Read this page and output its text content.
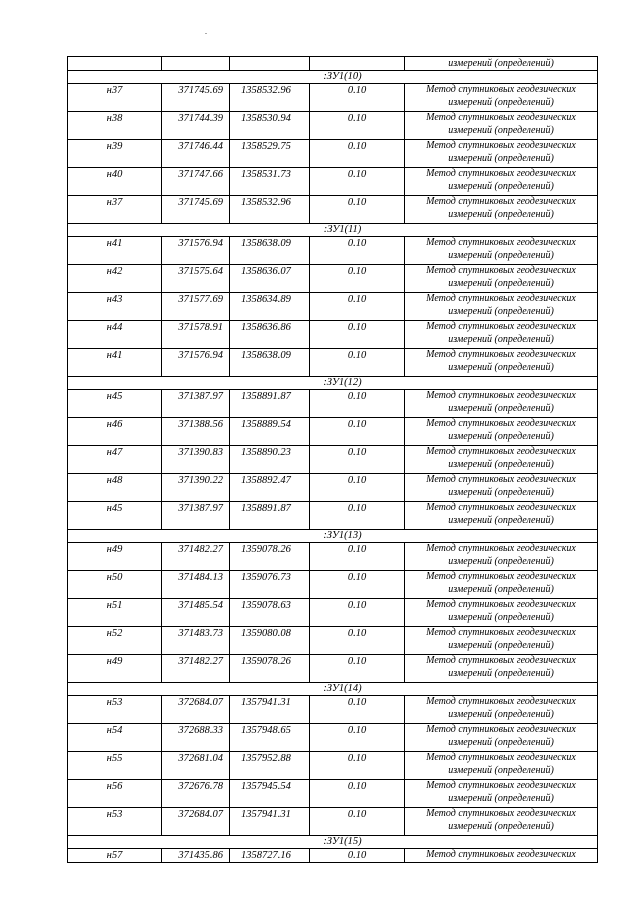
				измерений (определений)
:ЗУ1(10)				
н37	371745.69	1358532.96	0.10	Метод спутниковых геодезических
измерений (определений)

н38	371744.39	1358530.94	0.10	Метод спутниковых геодезических
измерений (определений)

н39	371746.44	1358529.75	0.10	Метод спутниковых геодезических
измерений (определений)

н40	371747.66	1358531.73	0.10	Метод спутниковых геодезических
измерений (определений)

н37	371745.69	1358532.96	0.10	Метод спутниковых геодезических
измерений (определений)

:ЗУ1(11)				
н41	371576.94	1358638.09	0.10	Метод спутниковых геодезических
измерений (определений)

н42	371575.64	1358636.07	0.10	Метод спутниковых геодезических
измерений (определений)

н43	371577.69	1358634.89	0.10	Метод спутниковых геодезических
измерений (определений)

н44	371578.91	1358636.86	0.10	Метод спутниковых геодезических
измерений (определений)

н41	371576.94	1358638.09	0.10	Метод спутниковых геодезических
измерений (определений)

:ЗУ1(12)				
н45	371387.97	1358891.87	0.10	Метод спутниковых геодезических
измерений (определений)

н46	371388.56	1358889.54	0.10	Метод спутниковых геодезических
измерений (определений)

н47	371390.83	1358890.23	0.10	Метод спутниковых геодезических
измерений (определений)

н48	371390.22	1358892.47	0.10	Метод спутниковых геодезических
измерений (определений)

н45	371387.97	1358891.87	0.10	Метод спутниковых геодезических
измерений (определений)

:ЗУ1(13)				
н49	371482.27	1359078.26	0.10	Метод спутниковых геодезических
измерений (определений)

н50	371484.13	1359076.73	0.10	Метод спутниковых геодезических
измерений (определений)

н51	371485.54	1359078.63	0.10	Метод спутниковых геодезических
измерений (определений)

н52	371483.73	1359080.08	0.10	Метод спутниковых геодезических
измерений (определений)

н49	371482.27	1359078.26	0.10	Метод спутниковых геодезических
измерений (определений)

:ЗУ1(14)				
н53	372684.07	1357941.31	0.10	Метод спутниковых геодезических
измерений (определений)

н54	372688.33	1357948.65	0.10	Метод спутниковых геодезических
измерений (определений)

н55	372681.04	1357952.88	0.10	Метод спутниковых геодезических
измерений (определений)

н56	372676.78	1357945.54	0.10	Метод спутниковых геодезических
измерений (определений)

н53	372684.07	1357941.31	0.10	Метод спутниковых геодезических
измерений (определений)

:ЗУ1(15)				
н57	371435.86	1358727.16	0.10	Метод спутниковых геодезических
